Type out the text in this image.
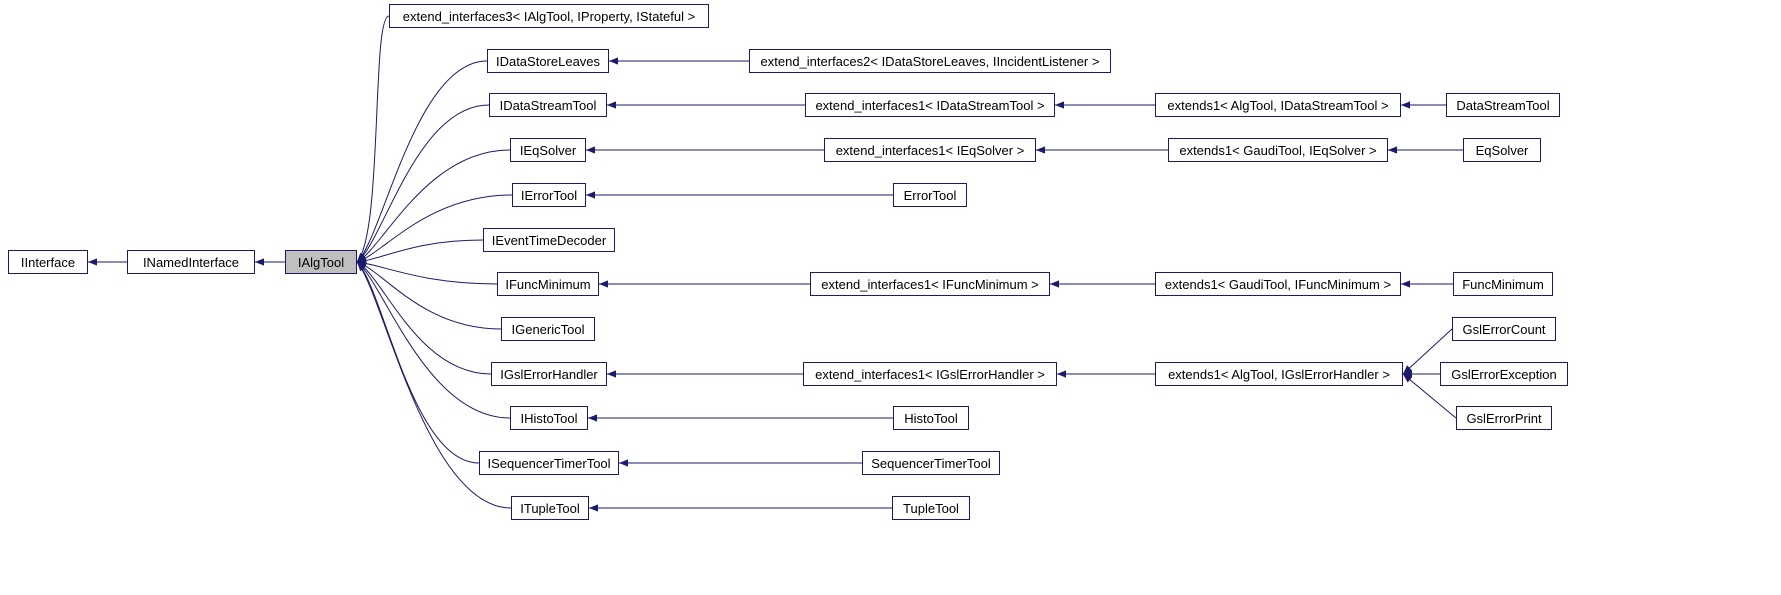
IInterface	INamedInterface	IAlgTool
extend_interfaces3< IAlgTool, IProperty, IStateful >
IDataStoreLeaves	extend_interfaces2< IDataStoreLeaves, IIncidentListener >
IDataStreamTool	extend_interfaces1< IDataStreamTool >	extends1< AlgTool, IDataStreamTool >	DataStreamTool
IEqSolver	extend_interfaces1< IEqSolver >	extends1< GaudiTool, IEqSolver >	EqSolver
IErrorTool	ErrorTool
IEventTimeDecoder
IFuncMinimum	extend_interfaces1< IFuncMinimum >	extends1< GaudiTool, IFuncMinimum >	FuncMinimum
IGenericTool
IGslErrorHandler	extend_interfaces1< IGslErrorHandler >	extends1< AlgTool, IGslErrorHandler >
GslErrorCount
GslErrorException
GslErrorPrint
IHistoTool	HistoTool
ISequencerTimerTool	SequencerTimerTool
ITupleTool	TupleTool
